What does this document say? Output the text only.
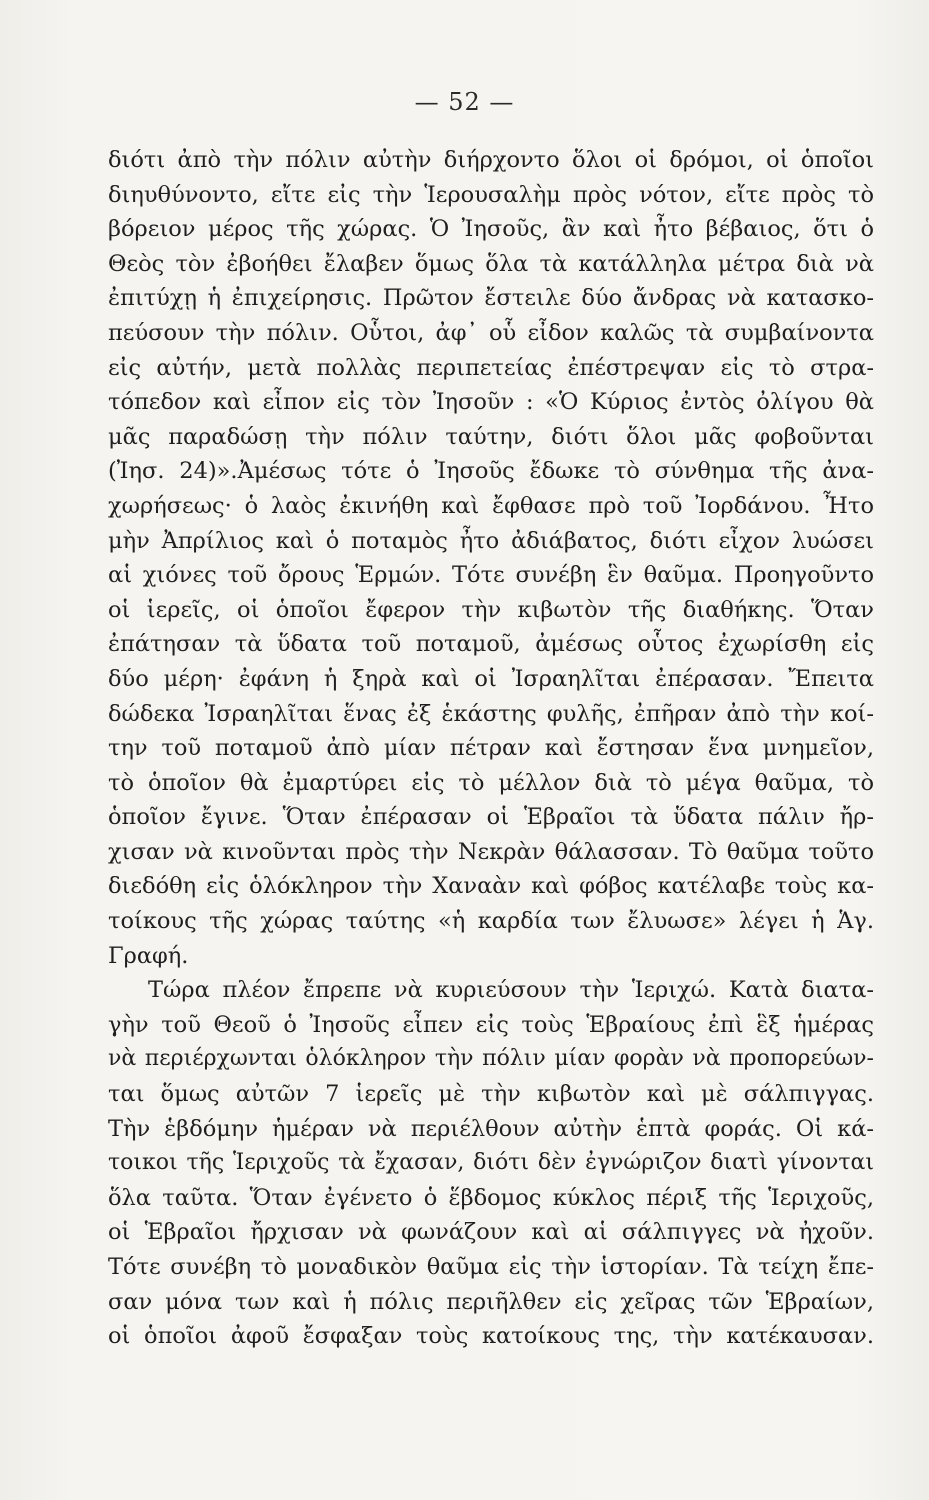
— 52 —
διότι ἀπὸ τὴν πόλιν αὐτὴν διήρχοντο ὅλοι οἱ δρόμοι, οἱ ὁποῖοι
διηυθύνοντο, εἴτε εἰς τὴν Ἱερουσαλὴμ πρὸς νότον, εἴτε πρὸς τὸ
βόρειον μέρος τῆς χώρας. Ὁ Ἰησοῦς, ἂν καὶ ἦτο βέβαιος, ὅτι ὁ
Θεὸς τὸν ἐβοήθει ἔλαβεν ὅμως ὅλα τὰ κατάλληλα μέτρα διὰ νὰ
ἐπιτύχῃ ἡ ἐπιχείρησις. Πρῶτον ἔστειλε δύο ἄνδρας νὰ κατασκο-
πεύσουν τὴν πόλιν. Οὗτοι, ἀφ᾽ οὗ εἶδον καλῶς τὰ συμβαίνοντα
εἰς αὐτήν, μετὰ πολλὰς περιπετείας ἐπέστρεψαν εἰς τὸ στρα-
τόπεδον καὶ εἶπον εἰς τὸν Ἰησοῦν : «Ὁ Κύριος ἐντὸς ὀλίγου θὰ
μᾶς παραδώσῃ τὴν πόλιν ταύτην, διότι ὅλοι μᾶς φοβοῦνται
(Ἰησ. 24)».Ἀμέσως τότε ὁ Ἰησοῦς ἔδωκε τὸ σύνθημα τῆς ἀνα-
χωρήσεως· ὁ λαὸς ἐκινήθη καὶ ἔφθασε πρὸ τοῦ Ἰορδάνου. Ἦτο
μὴν Ἀπρίλιος καὶ ὁ ποταμὸς ἦτο ἀδιάβατος, διότι εἶχον λυώσει
αἱ χιόνες τοῦ ὄρους Ἑρμών. Τότε συνέβη ἓν θαῦμα. Προηγοῦντο
οἱ ἱερεῖς, οἱ ὁποῖοι ἔφερον τὴν κιβωτὸν τῆς διαθήκης. Ὅταν
ἐπάτησαν τὰ ὕδατα τοῦ ποταμοῦ, ἀμέσως οὗτος ἐχωρίσθη εἰς
δύο μέρη· ἐφάνη ἡ ξηρὰ καὶ οἱ Ἰσραηλῖται ἐπέρασαν. Ἔπειτα
δώδεκα Ἰσραηλῖται ἕνας ἐξ ἑκάστης φυλῆς, ἐπῆραν ἀπὸ τὴν κοί-
την τοῦ ποταμοῦ ἀπὸ μίαν πέτραν καὶ ἔστησαν ἕνα μνημεῖον,
τὸ ὁποῖον θὰ ἐμαρτύρει εἰς τὸ μέλλον διὰ τὸ μέγα θαῦμα, τὸ
ὁποῖον ἔγινε. Ὅταν ἐπέρασαν οἱ Ἑβραῖοι τὰ ὕδατα πάλιν ἤρ-
χισαν νὰ κινοῦνται πρὸς τὴν Νεκρὰν θάλασσαν. Τὸ θαῦμα τοῦτο
διεδόθη εἰς ὁλόκληρον τὴν Χαναὰν καὶ φόβος κατέλαβε τοὺς κα-
τοίκους τῆς χώρας ταύτης «ἡ καρδία των ἔλυωσε» λέγει ἡ Ἁγ.
Γραφή.
Τώρα πλέον ἔπρεπε νὰ κυριεύσουν τὴν Ἱεριχώ. Κατὰ διατα-
γὴν τοῦ Θεοῦ ὁ Ἰησοῦς εἶπεν εἰς τοὺς Ἑβραίους ἐπὶ ἓξ ἡμέρας
νὰ περιέρχωνται ὁλόκληρον τὴν πόλιν μίαν φορὰν νὰ προπορεύων-
ται ὅμως αὐτῶν 7 ἱερεῖς μὲ τὴν κιβωτὸν καὶ μὲ σάλπιγγας.
Τὴν ἑβδόμην ἡμέραν νὰ περιέλθουν αὐτὴν ἑπτὰ φοράς. Οἱ κά-
τοικοι τῆς Ἱεριχοῦς τὰ ἔχασαν, διότι δὲν ἐγνώριζον διατὶ γίνονται
ὅλα ταῦτα. Ὅταν ἐγένετο ὁ ἕβδομος κύκλος πέριξ τῆς Ἱεριχοῦς,
οἱ Ἑβραῖοι ἤρχισαν νὰ φωνάζουν καὶ αἱ σάλπιγγες νὰ ἠχοῦν.
Τότε συνέβη τὸ μοναδικὸν θαῦμα εἰς τὴν ἱστορίαν. Τὰ τείχη ἔπε-
σαν μόνα των καὶ ἡ πόλις περιῆλθεν εἰς χεῖρας τῶν Ἑβραίων,
οἱ ὁποῖοι ἀφοῦ ἔσφαξαν τοὺς κατοίκους της, τὴν κατέκαυσαν.
